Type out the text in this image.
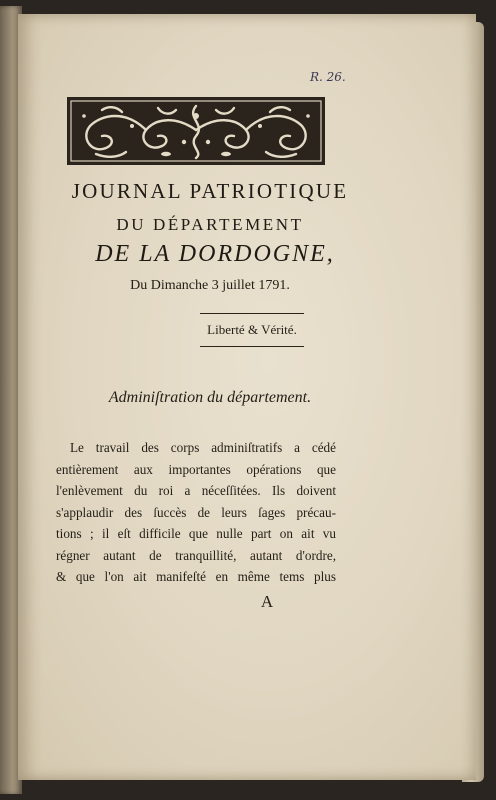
R. 26.
JOURNAL PATRIOTIQUE
DU DÉPARTEMENT
DE LA DORDOGNE,
Du Dimanche 3 juillet 1791.
Liberté & Vérité.
Adminiſtration du département.
Le travail des corps adminiſtratifs a cédé
entièrement aux importantes opérations que
l'enlèvement du roi a néceſſitées. Ils doivent
s'applaudir des ſuccès de leurs ſages précau-
tions ; il eſt difficile que nulle part on ait vu
régner autant de tranquillité, autant d'ordre,
& que l'on ait manifeſté en même tems plus
A
